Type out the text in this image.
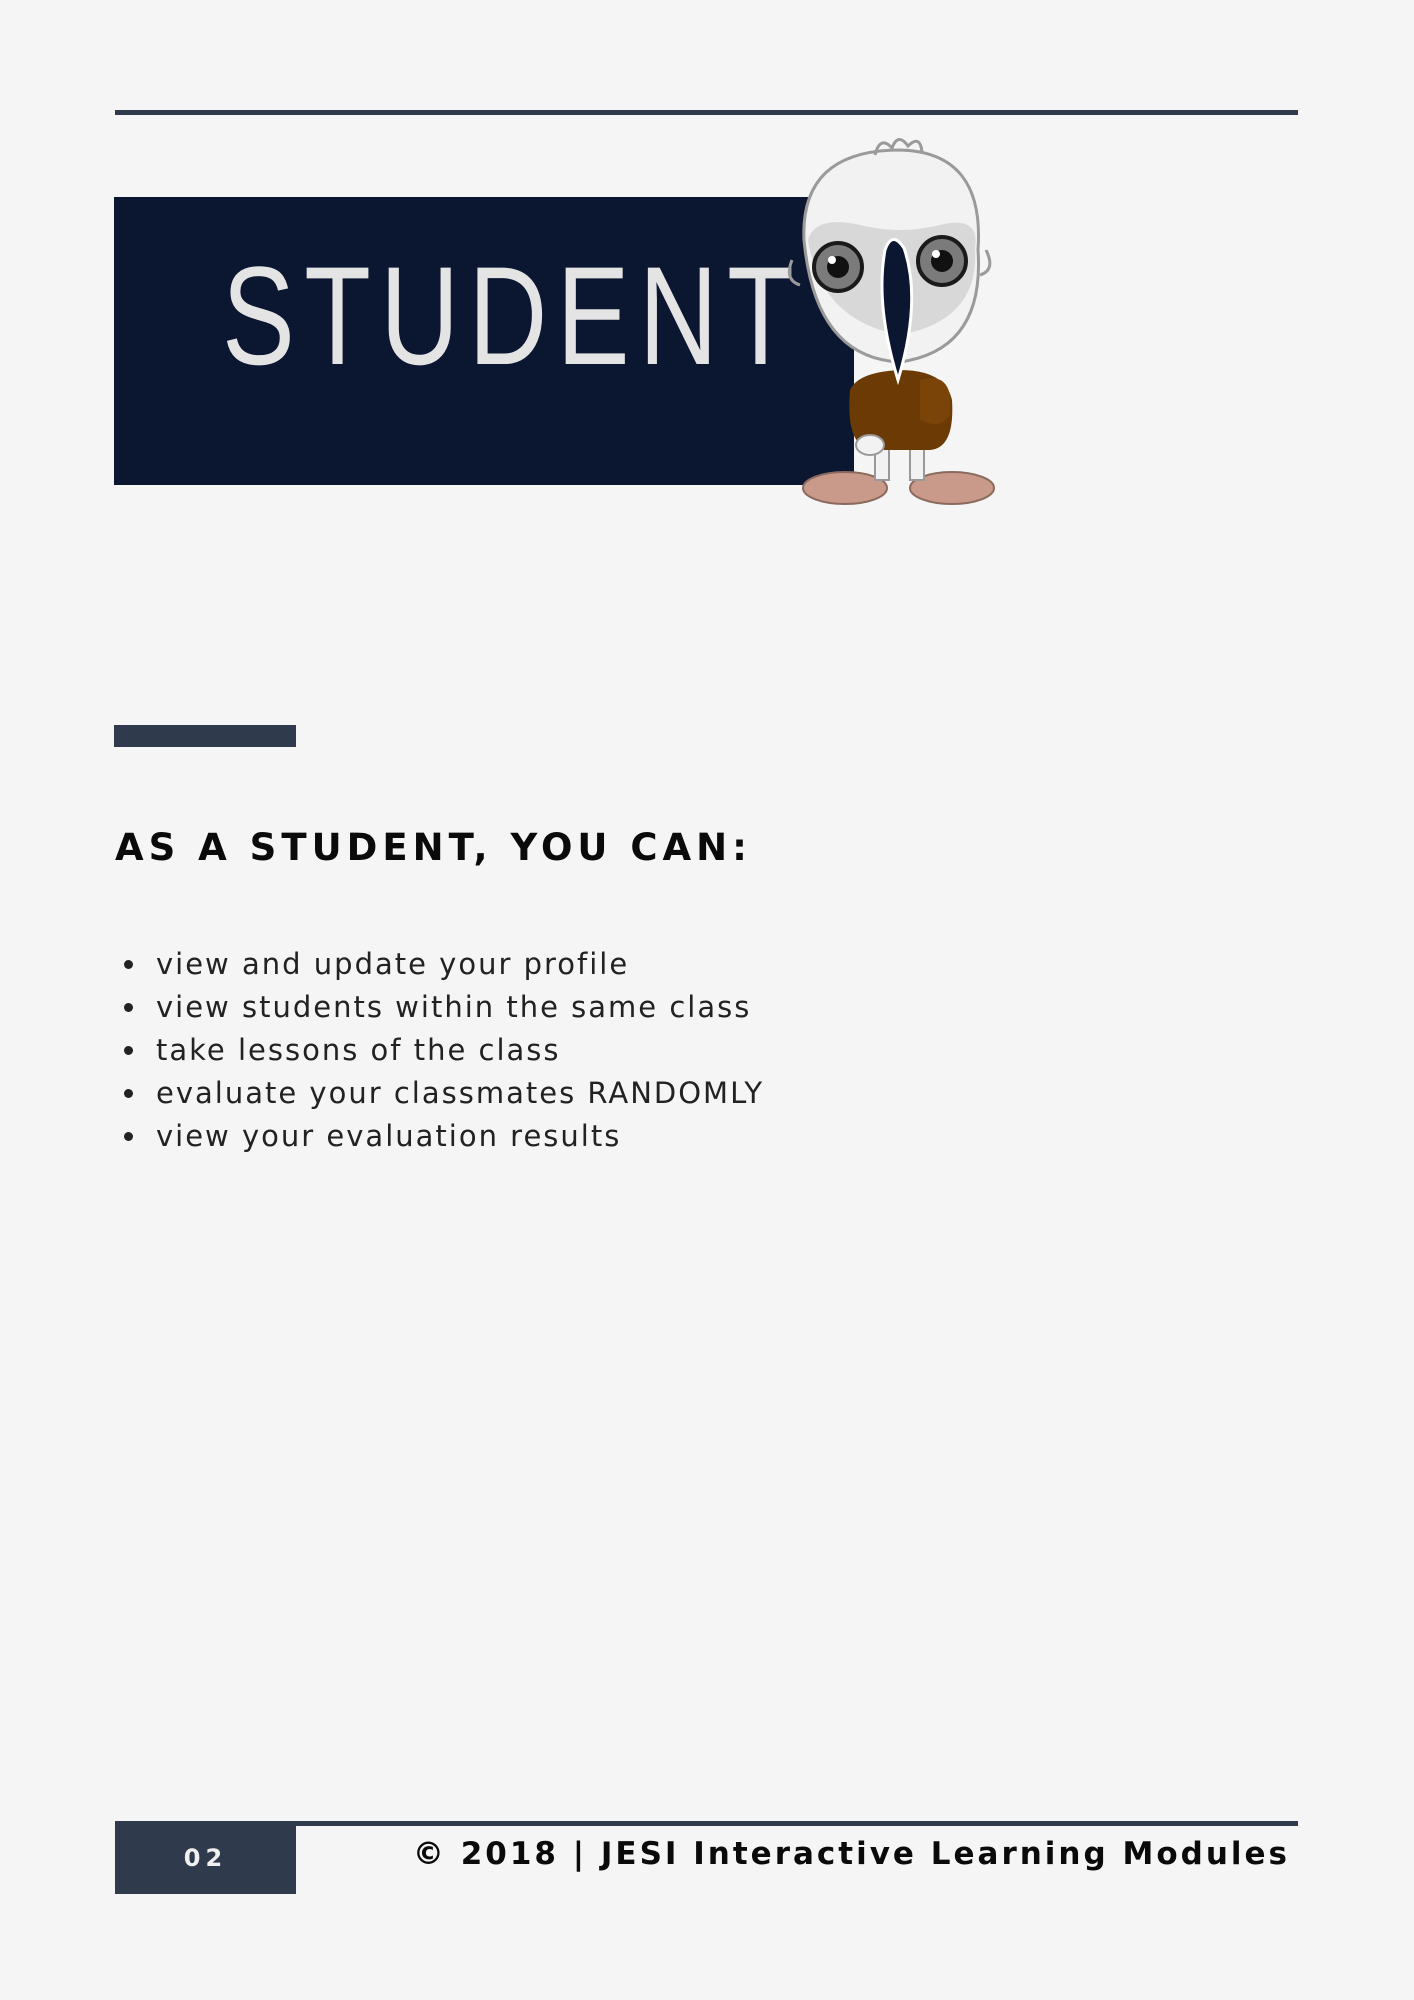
STUDENT
AS A STUDENT, YOU CAN:
view and update your profile
view students within the same class
take lessons of the class
evaluate your classmates RANDOMLY
view your evaluation results
02	© 2018 | JESI Interactive Learning Modules
